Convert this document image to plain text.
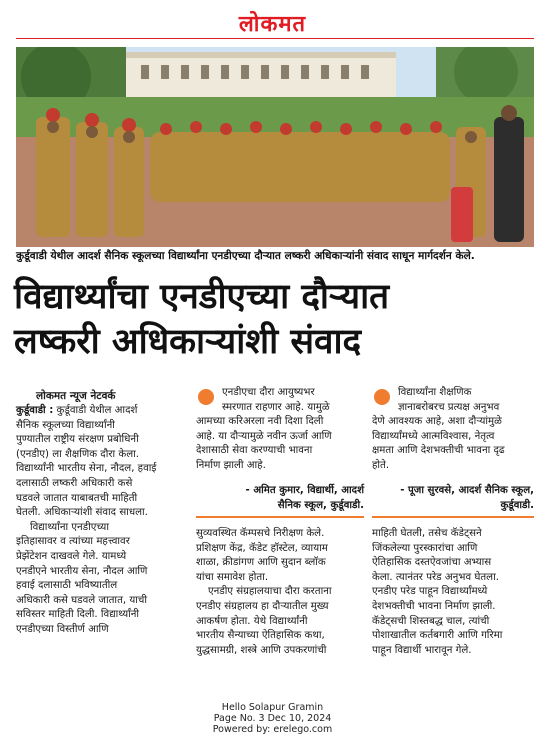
लोकमत
कुर्डूवाडी येथील आदर्श सैनिक स्कूलच्या विद्यार्थ्यांना एनडीएच्या दौऱ्यात लष्करी अधिकाऱ्यांनी संवाद साधून मार्गदर्शन केले.
विद्यार्थ्यांचा एनडीएच्या दौऱ्यात
लष्करी अधिकाऱ्यांशी संवाद
लोकमत न्यूज नेटवर्क

कुर्डूवाडी : कुर्डूवाडी येथील आदर्श

सैनिक स्कूलच्या विद्यार्थ्यांनी

पुण्यातील राष्ट्रीय संरक्षण प्रबोधिनी

(एनडीए) ला शैक्षणिक दौरा केला.

विद्यार्थ्यांनी भारतीय सेना, नौदल, हवाई

दलासाठी लष्करी अधिकारी कसे

घडवले जातात याबाबतची माहिती

घेतली. अधिकाऱ्यांशी संवाद साधला.

विद्यार्थ्यांना एनडीएच्या

इतिहासावर व त्यांच्या महत्त्वावर

प्रेझेंटेशन दाखवले गेले. यामध्ये

एनडीएने भारतीय सेना, नौदल आणि

हवाई दलासाठी भविष्यातील

अधिकारी कसे घडवले जातात, याची

सविस्तर माहिती दिली. विद्यार्थ्यांनी

एनडीएच्या विस्तीर्ण आणि

एनडीएचा दौरा आयुष्यभर
स्मरणात राहणार आहे. यामुळे
आमच्या करिअरला नवी दिशा दिली
आहे. या दौऱ्यामुळे नवीन ऊर्जा आणि
देशासाठी सेवा करण्याची भावना
निर्माण झाली आहे.
- अमित कुमार, विद्यार्थी, आदर्श
सैनिक स्कूल, कुर्डूवाडी.
विद्यार्थ्यांना शैक्षणिक
ज्ञानाबरोबरच प्रत्यक्ष अनुभव
देणे आवश्यक आहे, अशा दौऱ्यांमुळे
विद्यार्थ्यांमध्ये आत्मविश्वास, नेतृत्व
क्षमता आणि देशभक्तीची भावना दृढ
होते.
- पूजा सुरवसे, आदर्श सैनिक स्कूल,
कुर्डूवाडी.

सुव्यवस्थित कॅम्पसचे निरीक्षण केले.

प्रशिक्षण केंद्र, कॅडेट हॉस्टेल, व्यायाम

शाळा, क्रीडांगण आणि सुदान ब्लॉक

यांचा समावेश होता.

एनडीए संग्रहालयाचा दौरा करताना

एनडीए संग्रहालय हा दौऱ्यातील मुख्य

आकर्षण होता. येथे विद्यार्थ्यांनी

भारतीय सैन्याच्या ऐतिहासिक कथा,

युद्धसामग्री, शस्त्रे आणि उपकरणांची

माहिती घेतली, तसेच कॅडेट्सने

जिंकलेल्या पुरस्कारांचा आणि

ऐतिहासिक दस्तऐवजांचा अभ्यास

केला. त्यानंतर परेड अनुभव घेतला.

एनडीए परेड पाहून विद्यार्थ्यांमध्ये

देशभक्तीची भावना निर्माण झाली.

कॅडेट्सची शिस्तबद्ध चाल, त्यांची

पोशाखातील कर्तबगारी आणि गरिमा

पाहून विद्यार्थी भारावून गेले.

Hello Solapur Gramin
Page No. 3 Dec 10, 2024
Powered by: erelego.com
